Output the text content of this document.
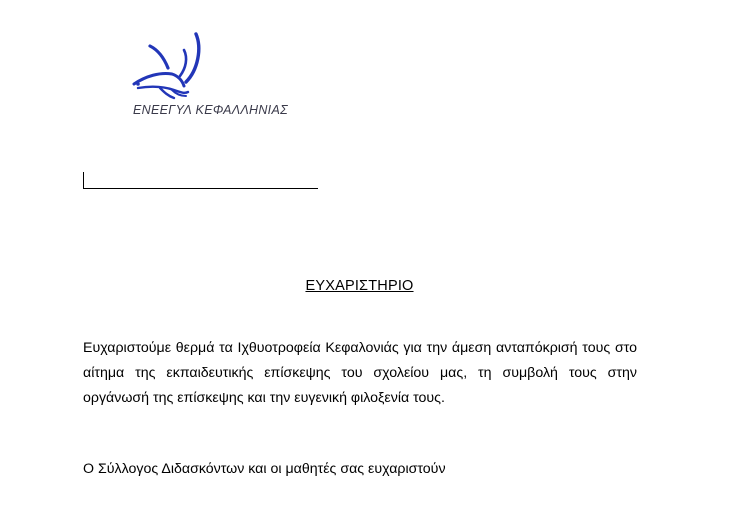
ΕΝΕΕΓΥΛ ΚΕΦΑΛΛΗΝΙΑΣ
ΕΥΧΑΡΙΣΤΗΡΙΟ
Ευχαριστούμε θερμά τα Ιχθυοτροφεία Κεφαλονιάς για την άμεση ανταπόκρισή τους στο αίτημα της εκπαιδευτικής επίσκεψης του σχολείου μας, τη συμβολή τους στην οργάνωσή της επίσκεψης και την ευγενική φιλοξενία τους.
Ο Σύλλογος Διδασκόντων και οι μαθητές σας ευχαριστούν
